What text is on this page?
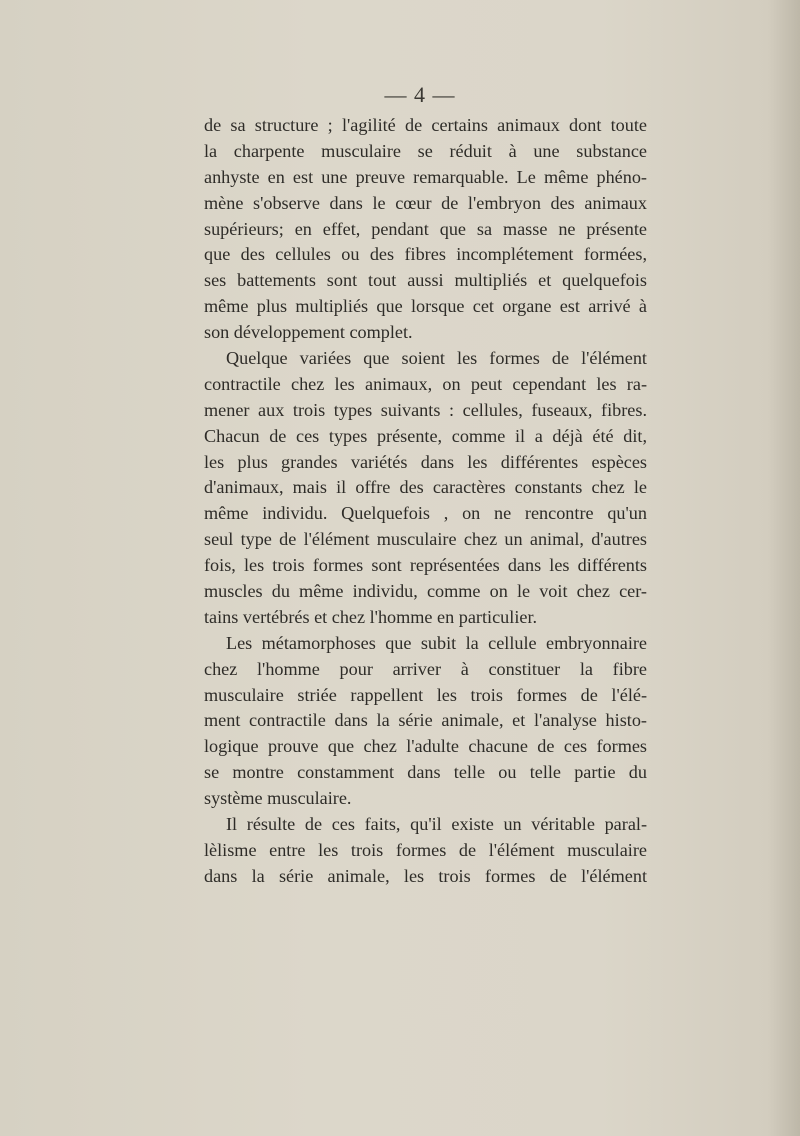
— 4 —
de sa structure ; l'agilité de certains animaux dont toute
la charpente musculaire se réduit à une substance
anhyste en est une preuve remarquable. Le même phéno-
mène s'observe dans le cœur de l'embryon des animaux
supérieurs; en effet, pendant que sa masse ne présente
que des cellules ou des fibres incomplétement formées,
ses battements sont tout aussi multipliés et quelquefois
même plus multipliés que lorsque cet organe est arrivé à
son développement complet.
Quelque variées que soient les formes de l'élément
contractile chez les animaux, on peut cependant les ra-
mener aux trois types suivants : cellules, fuseaux, fibres.
Chacun de ces types présente, comme il a déjà été dit,
les plus grandes variétés dans les différentes espèces
d'animaux, mais il offre des caractères constants chez le
même individu. Quelquefois , on ne rencontre qu'un
seul type de l'élément musculaire chez un animal, d'autres
fois, les trois formes sont représentées dans les différents
muscles du même individu, comme on le voit chez cer-
tains vertébrés et chez l'homme en particulier.
Les métamorphoses que subit la cellule embryonnaire
chez l'homme pour arriver à constituer la fibre
musculaire striée rappellent les trois formes de l'élé-
ment contractile dans la série animale, et l'analyse histo-
logique prouve que chez l'adulte chacune de ces formes
se montre constamment dans telle ou telle partie du
système musculaire.
Il résulte de ces faits, qu'il existe un véritable paral-
lèlisme entre les trois formes de l'élément musculaire
dans la série animale, les trois formes de l'élément
